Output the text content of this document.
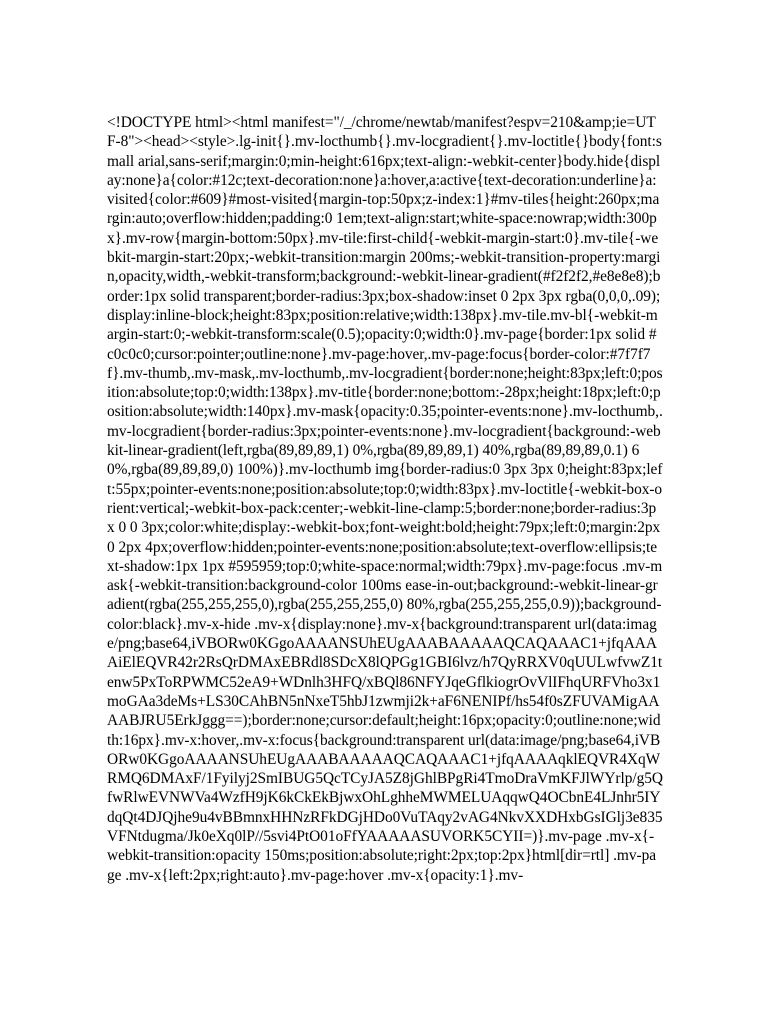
<!DOCTYPE html><html manifest="/_/chrome/newtab/manifest?espv=210&amp;ie=UTF-8"><head><style>.lg-init{}.mv-locthumb{}.mv-locgradient{}.mv-loctitle{}body{font:small arial,sans-serif;margin:0;min-height:616px;text-align:-webkit-center}body.hide{display:none}a{color:#12c;text-decoration:none}a:hover,a:active{text-decoration:underline}a:visited{color:#609}#most-visited{margin-top:50px;z-index:1}#mv-tiles{height:260px;margin:auto;overflow:hidden;padding:0 1em;text-align:start;white-space:nowrap;width:300px}.mv-row{margin-bottom:50px}.mv-tile:first-child{-webkit-margin-start:0}.mv-tile{-webkit-margin-start:20px;-webkit-transition:margin 200ms;-webkit-transition-property:margin,opacity,width,-webkit-transform;background:-webkit-linear-gradient(#f2f2f2,#e8e8e8);border:1px solid transparent;border-radius:3px;box-shadow:inset 0 2px 3px rgba(0,0,0,.09);display:inline-block;height:83px;position:relative;width:138px}.mv-tile.mv-bl{-webkit-margin-start:0;-webkit-transform:scale(0.5);opacity:0;width:0}.mv-page{border:1px solid #c0c0c0;cursor:pointer;outline:none}.mv-page:hover,.mv-page:focus{border-color:#7f7f7f}.mv-thumb,.mv-mask,.mv-locthumb,.mv-locgradient{border:none;height:83px;left:0;position:absolute;top:0;width:138px}.mv-title{border:none;bottom:-28px;height:18px;left:0;position:absolute;width:140px}.mv-mask{opacity:0.35;pointer-events:none}.mv-locthumb,.mv-locgradient{border-radius:3px;pointer-events:none}.mv-locgradient{background:-webkit-linear-gradient(left,rgba(89,89,89,1) 0%,rgba(89,89,89,1) 40%,rgba(89,89,89,0.1) 60%,rgba(89,89,89,0) 100%)}.mv-locthumb img{border-radius:0 3px 3px 0;height:83px;left:55px;pointer-events:none;position:absolute;top:0;width:83px}.mv-loctitle{-webkit-box-orient:vertical;-webkit-box-pack:center;-webkit-line-clamp:5;border:none;border-radius:3px 0 0 3px;color:white;display:-webkit-box;font-weight:bold;height:79px;left:0;margin:2px 0 2px 4px;overflow:hidden;pointer-events:none;position:absolute;text-overflow:ellipsis;text-shadow:1px 1px #595959;top:0;white-space:normal;width:79px}.mv-page:focus .mv-mask{-webkit-transition:background-color 100ms ease-in-out;background:-webkit-linear-gradient(rgba(255,255,255,0),rgba(255,255,255,0) 80%,rgba(255,255,255,0.9));background-color:black}.mv-x-hide .mv-x{display:none}.mv-x{background:transparent url(data:image/png;base64,iVBORw0KGgoAAAANSUhEUgAAABAAAAAQCAQAAAC1+jfqAAAAiElEQVR42r2RsQrDMAxEBRdl8SDcX8lQPGg1GBI6lvz/h7QyRRXV0qUULwfvwZ1tenw5PxToRPWMC52eA9+WDnlh3HFQ/xBQl86NFYJqeGflkiogrOvVlIFhqURFVho3x1moGAa3deMs+LS30CAhBN5nNxeT5hbJ1zwmji2k+aF6NENIPf/hs54f0sZFUVAMigAAAABJRU5ErkJggg==);border:none;cursor:default;height:16px;opacity:0;outline:none;width:16px}.mv-x:hover,.mv-x:focus{background:transparent url(data:image/png;base64,iVBORw0KGgoAAAANSUhEUgAAABAAAAAQCAQAAAC1+jfqAAAAqklEQVR4XqWRMQ6DMAxF/1Fyilyj2SmIBUG5QcTCyJA5Z8jGhlBPgRi4TmoDraVmKFJlWYrlp/g5QfwRlwEVNWVa4WzfH9jK6kCkEkBjwxOhLghheMWMELUAqqwQ4OCbnE4LJnhr5IYdqQt4DJQjhe9u4vBBmnxHHNzRFkDGjHDo0VuTAqy2vAG4NkvXXDHxbGsIGlj3e835VFNtdugma/Jk0eXq0lP//5svi4PtO01oFfYAAAAASUVORK5CYII=)}.mv-page .mv-x{-webkit-transition:opacity 150ms;position:absolute;right:2px;top:2px}html[dir=rtl] .mv-page .mv-x{left:2px;right:auto}.mv-page:hover .mv-x{opacity:1}.mv-
